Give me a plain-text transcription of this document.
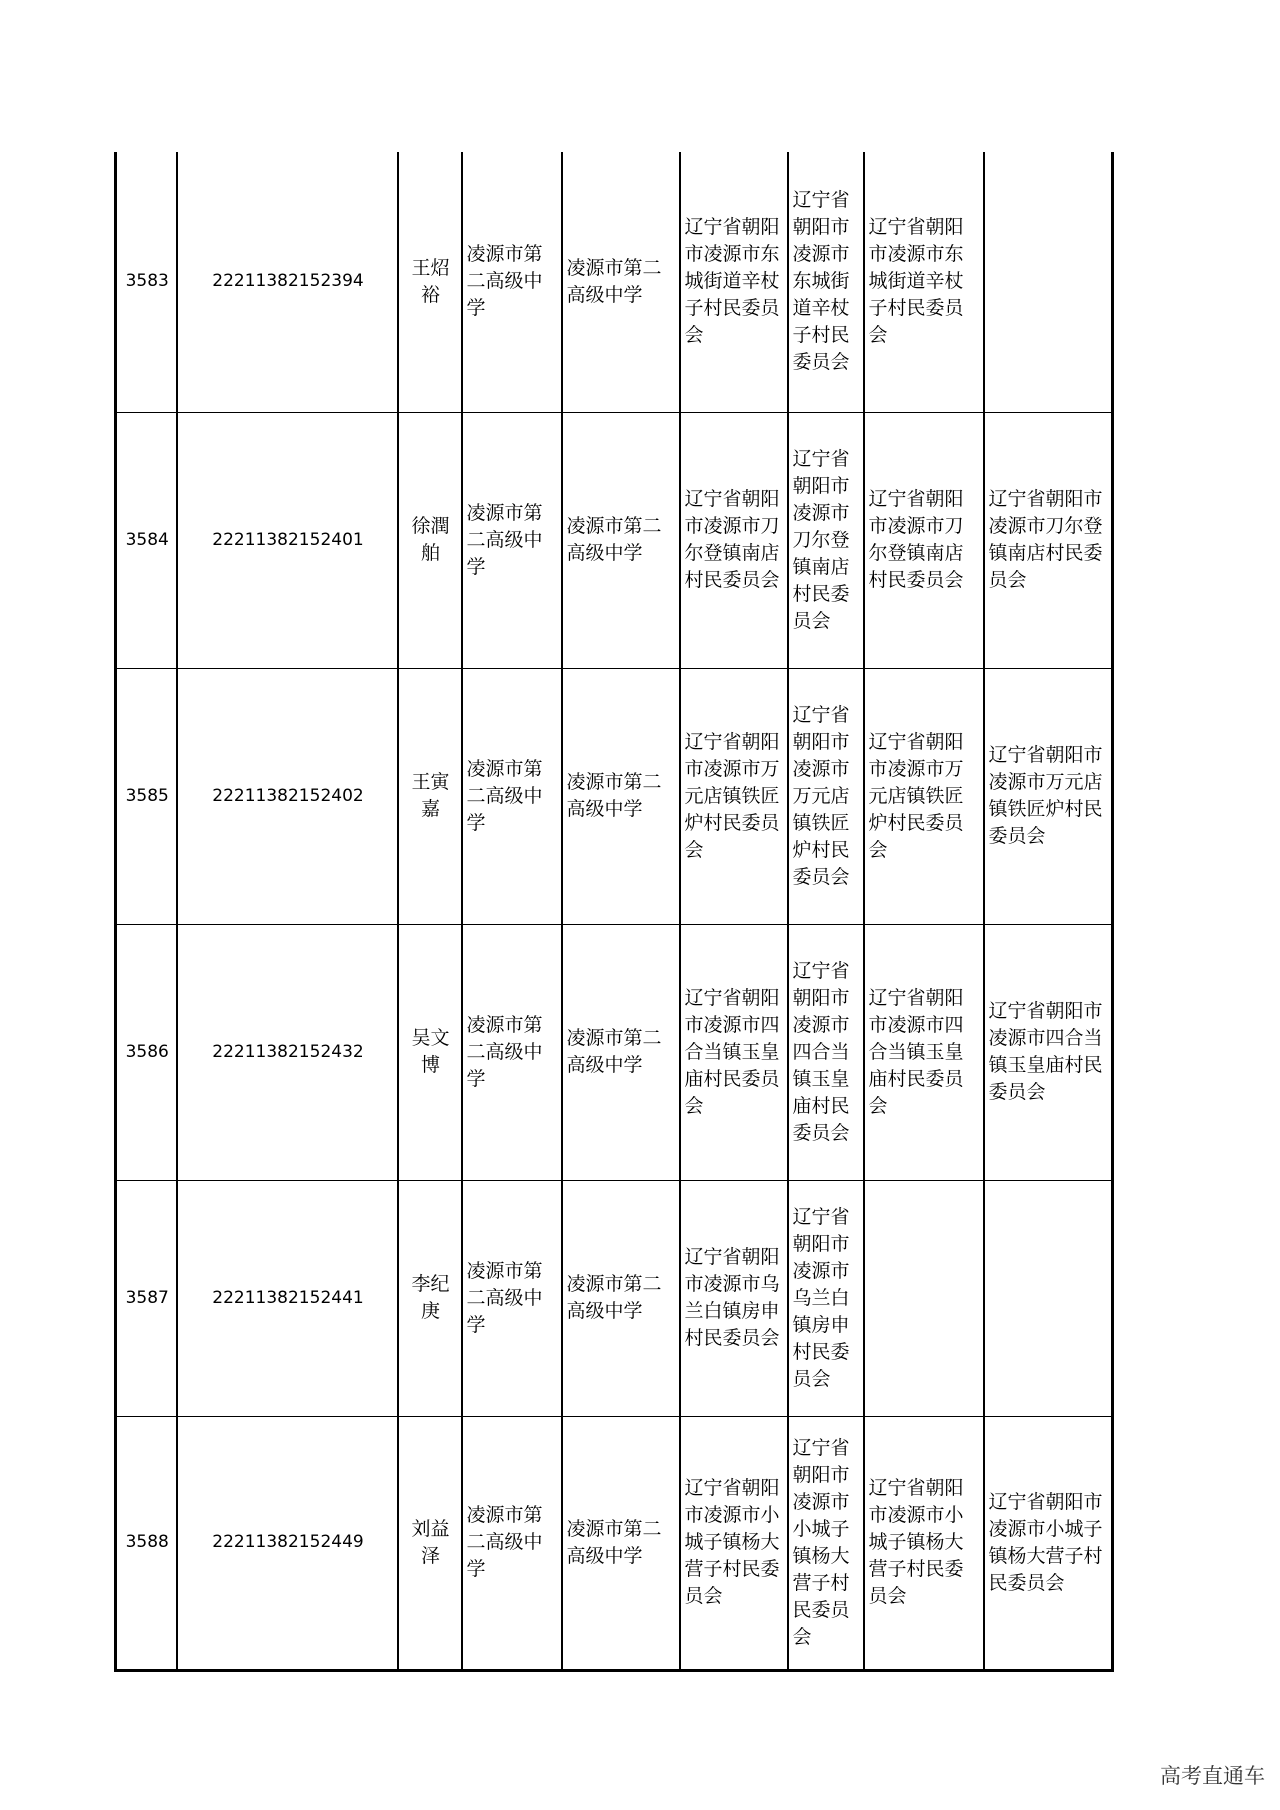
3583	22211382152394	王炤裕	凌源市第二高级中学	凌源市第二高级中学	辽宁省朝阳市凌源市东城街道辛杖子村民委员会	辽宁省朝阳市凌源市东城街道辛杖子村民委员会	辽宁省朝阳市凌源市东城街道辛杖子村民委员会	
3584	22211382152401	徐潤舶	凌源市第二高级中学	凌源市第二高级中学	辽宁省朝阳市凌源市刀尔登镇南店村民委员会	辽宁省朝阳市凌源市刀尔登镇南店村民委员会	辽宁省朝阳市凌源市刀尔登镇南店村民委员会	辽宁省朝阳市凌源市刀尔登镇南店村民委员会
3585	22211382152402	王寅嘉	凌源市第二高级中学	凌源市第二高级中学	辽宁省朝阳市凌源市万元店镇铁匠炉村民委员会	辽宁省朝阳市凌源市万元店镇铁匠炉村民委员会	辽宁省朝阳市凌源市万元店镇铁匠炉村民委员会	辽宁省朝阳市凌源市万元店镇铁匠炉村民委员会
3586	22211382152432	吴文博	凌源市第二高级中学	凌源市第二高级中学	辽宁省朝阳市凌源市四合当镇玉皇庙村民委员会	辽宁省朝阳市凌源市四合当镇玉皇庙村民委员会	辽宁省朝阳市凌源市四合当镇玉皇庙村民委员会	辽宁省朝阳市凌源市四合当镇玉皇庙村民委员会
3587	22211382152441	李纪庚	凌源市第二高级中学	凌源市第二高级中学	辽宁省朝阳市凌源市乌兰白镇房申村民委员会	辽宁省朝阳市凌源市乌兰白镇房申村民委员会		
3588	22211382152449	刘益泽	凌源市第二高级中学	凌源市第二高级中学	辽宁省朝阳市凌源市小城子镇杨大营子村民委员会	辽宁省朝阳市凌源市小城子镇杨大营子村民委员会	辽宁省朝阳市凌源市小城子镇杨大营子村民委员会	辽宁省朝阳市凌源市小城子镇杨大营子村民委员会
高考直通车
